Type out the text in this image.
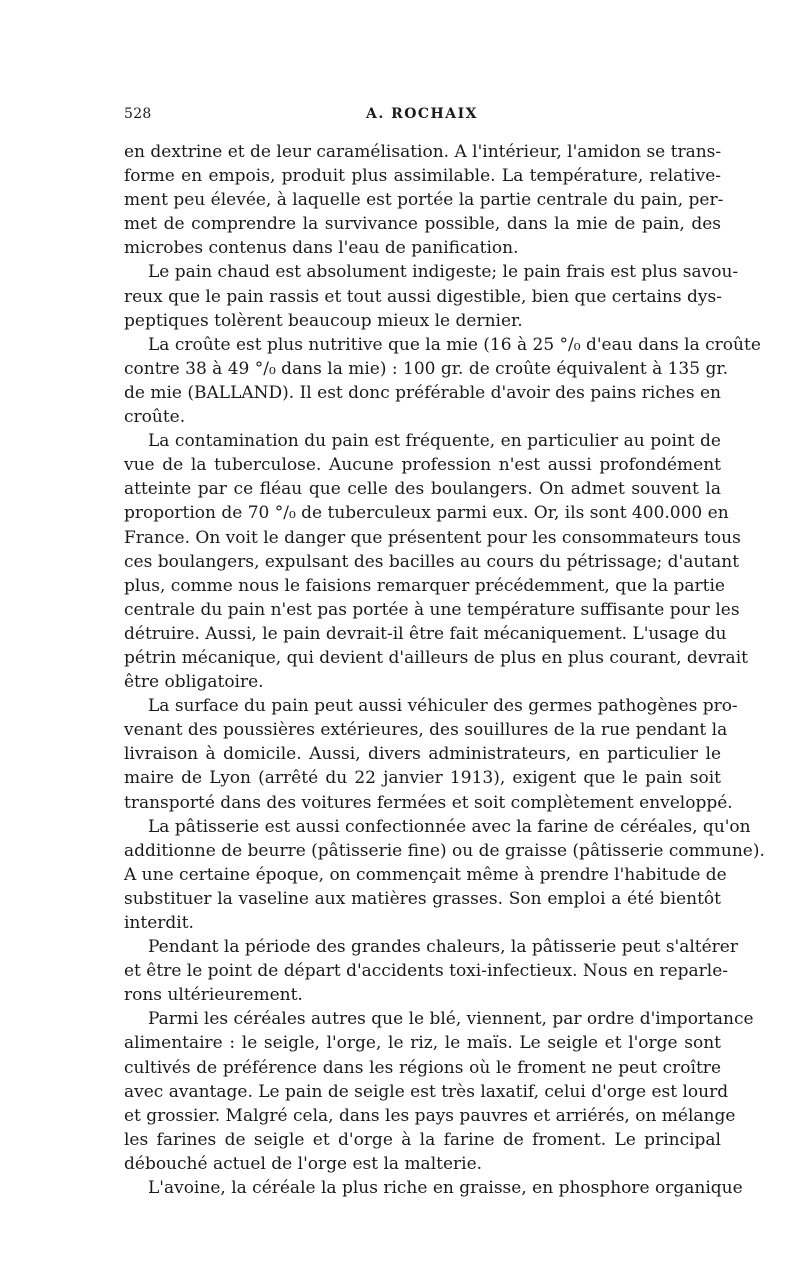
528	A. ROCHAIX
en dextrine et de leur caramélisation. A l'intérieur, l'amidon se trans-
forme en empois, produit plus assimilable. La température, relative-
ment peu élevée, à laquelle est portée la partie centrale du pain, per-
met de comprendre la survivance possible, dans la mie de pain, des
microbes contenus dans l'eau de panification.
Le pain chaud est absolument indigeste; le pain frais est plus savou-
reux que le pain rassis et tout aussi digestible, bien que certains dys-
peptiques tolèrent beaucoup mieux le dernier.
La croûte est plus nutritive que la mie (16 à 25 °/₀ d'eau dans la croûte
contre 38 à 49 °/₀ dans la mie) : 100 gr. de croûte équivalent à 135 gr.
de mie (BALLAND). Il est donc préférable d'avoir des pains riches en
croûte.
La contamination du pain est fréquente, en particulier au point de
vue de la tuberculose. Aucune profession n'est aussi profondément
atteinte par ce fléau que celle des boulangers. On admet souvent la
proportion de 70 °/₀ de tuberculeux parmi eux. Or, ils sont 400.000 en
France. On voit le danger que présentent pour les consommateurs tous
ces boulangers, expulsant des bacilles au cours du pétrissage; d'autant
plus, comme nous le faisions remarquer précédemment, que la partie
centrale du pain n'est pas portée à une température suffisante pour les
détruire. Aussi, le pain devrait-il être fait mécaniquement. L'usage du
pétrin mécanique, qui devient d'ailleurs de plus en plus courant, devrait
être obligatoire.
La surface du pain peut aussi véhiculer des germes pathogènes pro-
venant des poussières extérieures, des souillures de la rue pendant la
livraison à domicile. Aussi, divers administrateurs, en particulier le
maire de Lyon (arrêté du 22 janvier 1913), exigent que le pain soit
transporté dans des voitures fermées et soit complètement enveloppé.
La pâtisserie est aussi confectionnée avec la farine de céréales, qu'on
additionne de beurre (pâtisserie fine) ou de graisse (pâtisserie commune).
A une certaine époque, on commençait même à prendre l'habitude de
substituer la vaseline aux matières grasses. Son emploi a été bientôt
interdit.
Pendant la période des grandes chaleurs, la pâtisserie peut s'altérer
et être le point de départ d'accidents toxi-infectieux. Nous en reparle-
rons ultérieurement.
Parmi les céréales autres que le blé, viennent, par ordre d'importance
alimentaire : le seigle, l'orge, le riz, le maïs. Le seigle et l'orge sont
cultivés de préférence dans les régions où le froment ne peut croître
avec avantage. Le pain de seigle est très laxatif, celui d'orge est lourd
et grossier. Malgré cela, dans les pays pauvres et arriérés, on mélange
les farines de seigle et d'orge à la farine de froment. Le principal
débouché actuel de l'orge est la malterie.
L'avoine, la céréale la plus riche en graisse, en phosphore organique
